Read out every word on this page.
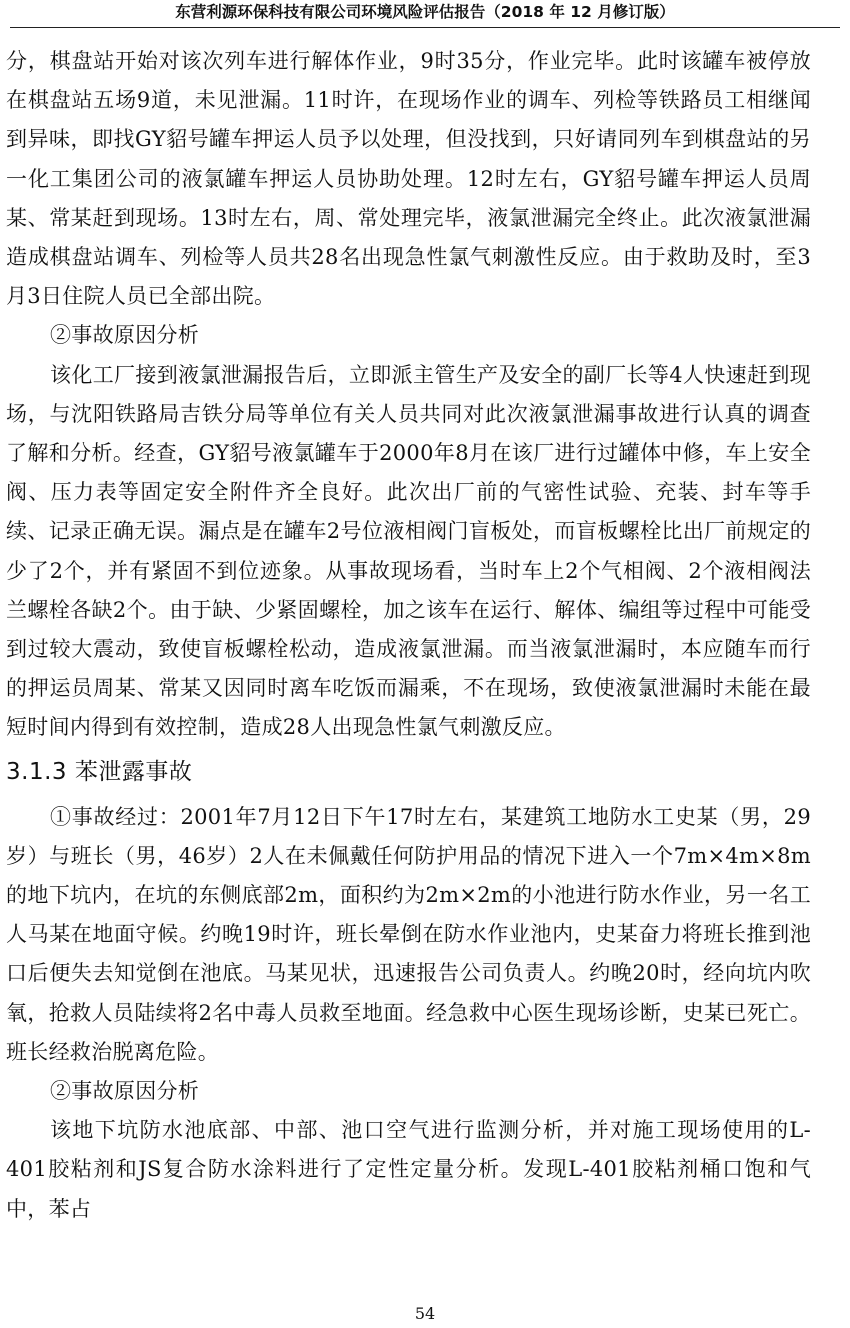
东营利源环保科技有限公司环境风险评估报告（2018 年 12 月修订版）

分，棋盘站开始对该次列车进行解体作业，9时35分，作业完毕。此时该罐车被停放在棋盘站五场9道，未见泄漏。11时许，在现场作业的调车、列检等铁路员工相继闻到异味，即找GY貂号罐车押运人员予以处理，但没找到，只好请同列车到棋盘站的另一化工集团公司的液氯罐车押运人员协助处理。12时左右，GY貂号罐车押运人员周某、常某赶到现场。13时左右，周、常处理完毕，液氯泄漏完全终止。此次液氯泄漏造成棋盘站调车、列检等人员共28名出现急性氯气刺激性反应。由于救助及时，至3月3日住院人员已全部出院。

②事故原因分析

该化工厂接到液氯泄漏报告后，立即派主管生产及安全的副厂长等4人快速赶到现场，与沈阳铁路局吉铁分局等单位有关人员共同对此次液氯泄漏事故进行认真的调查了解和分析。经查，GY貂号液氯罐车于2000年8月在该厂进行过罐体中修，车上安全阀、压力表等固定安全附件齐全良好。此次出厂前的气密性试验、充装、封车等手续、记录正确无误。漏点是在罐车2号位液相阀门盲板处，而盲板螺栓比出厂前规定的少了2个，并有紧固不到位迹象。从事故现场看，当时车上2个气相阀、2个液相阀法兰螺栓各缺2个。由于缺、少紧固螺栓，加之该车在运行、解体、编组等过程中可能受到过较大震动，致使盲板螺栓松动，造成液氯泄漏。而当液氯泄漏时，本应随车而行的押运员周某、常某又因同时离车吃饭而漏乘，不在现场，致使液氯泄漏时未能在最短时间内得到有效控制，造成28人出现急性氯气刺激反应。

3.1.3 苯泄露事故

①事故经过：2001年7月12日下午17时左右，某建筑工地防水工史某（男，29岁）与班长（男，46岁）2人在未佩戴任何防护用品的情况下进入一个7m×4m×8m的地下坑内，在坑的东侧底部2m，面积约为2m×2m的小池进行防水作业，另一名工人马某在地面守候。约晚19时许，班长晕倒在防水作业池内，史某奋力将班长推到池口后便失去知觉倒在池底。马某见状，迅速报告公司负责人。约晚20时，经向坑内吹氧，抢救人员陆续将2名中毒人员救至地面。经急救中心医生现场诊断，史某已死亡。班长经救治脱离危险。

②事故原因分析

该地下坑防水池底部、中部、池口空气进行监测分析，并对施工现场使用的L-401胶粘剂和JS复合防水涂料进行了定性定量分析。发现L-401胶粘剂桶口饱和气中，苯占

54
